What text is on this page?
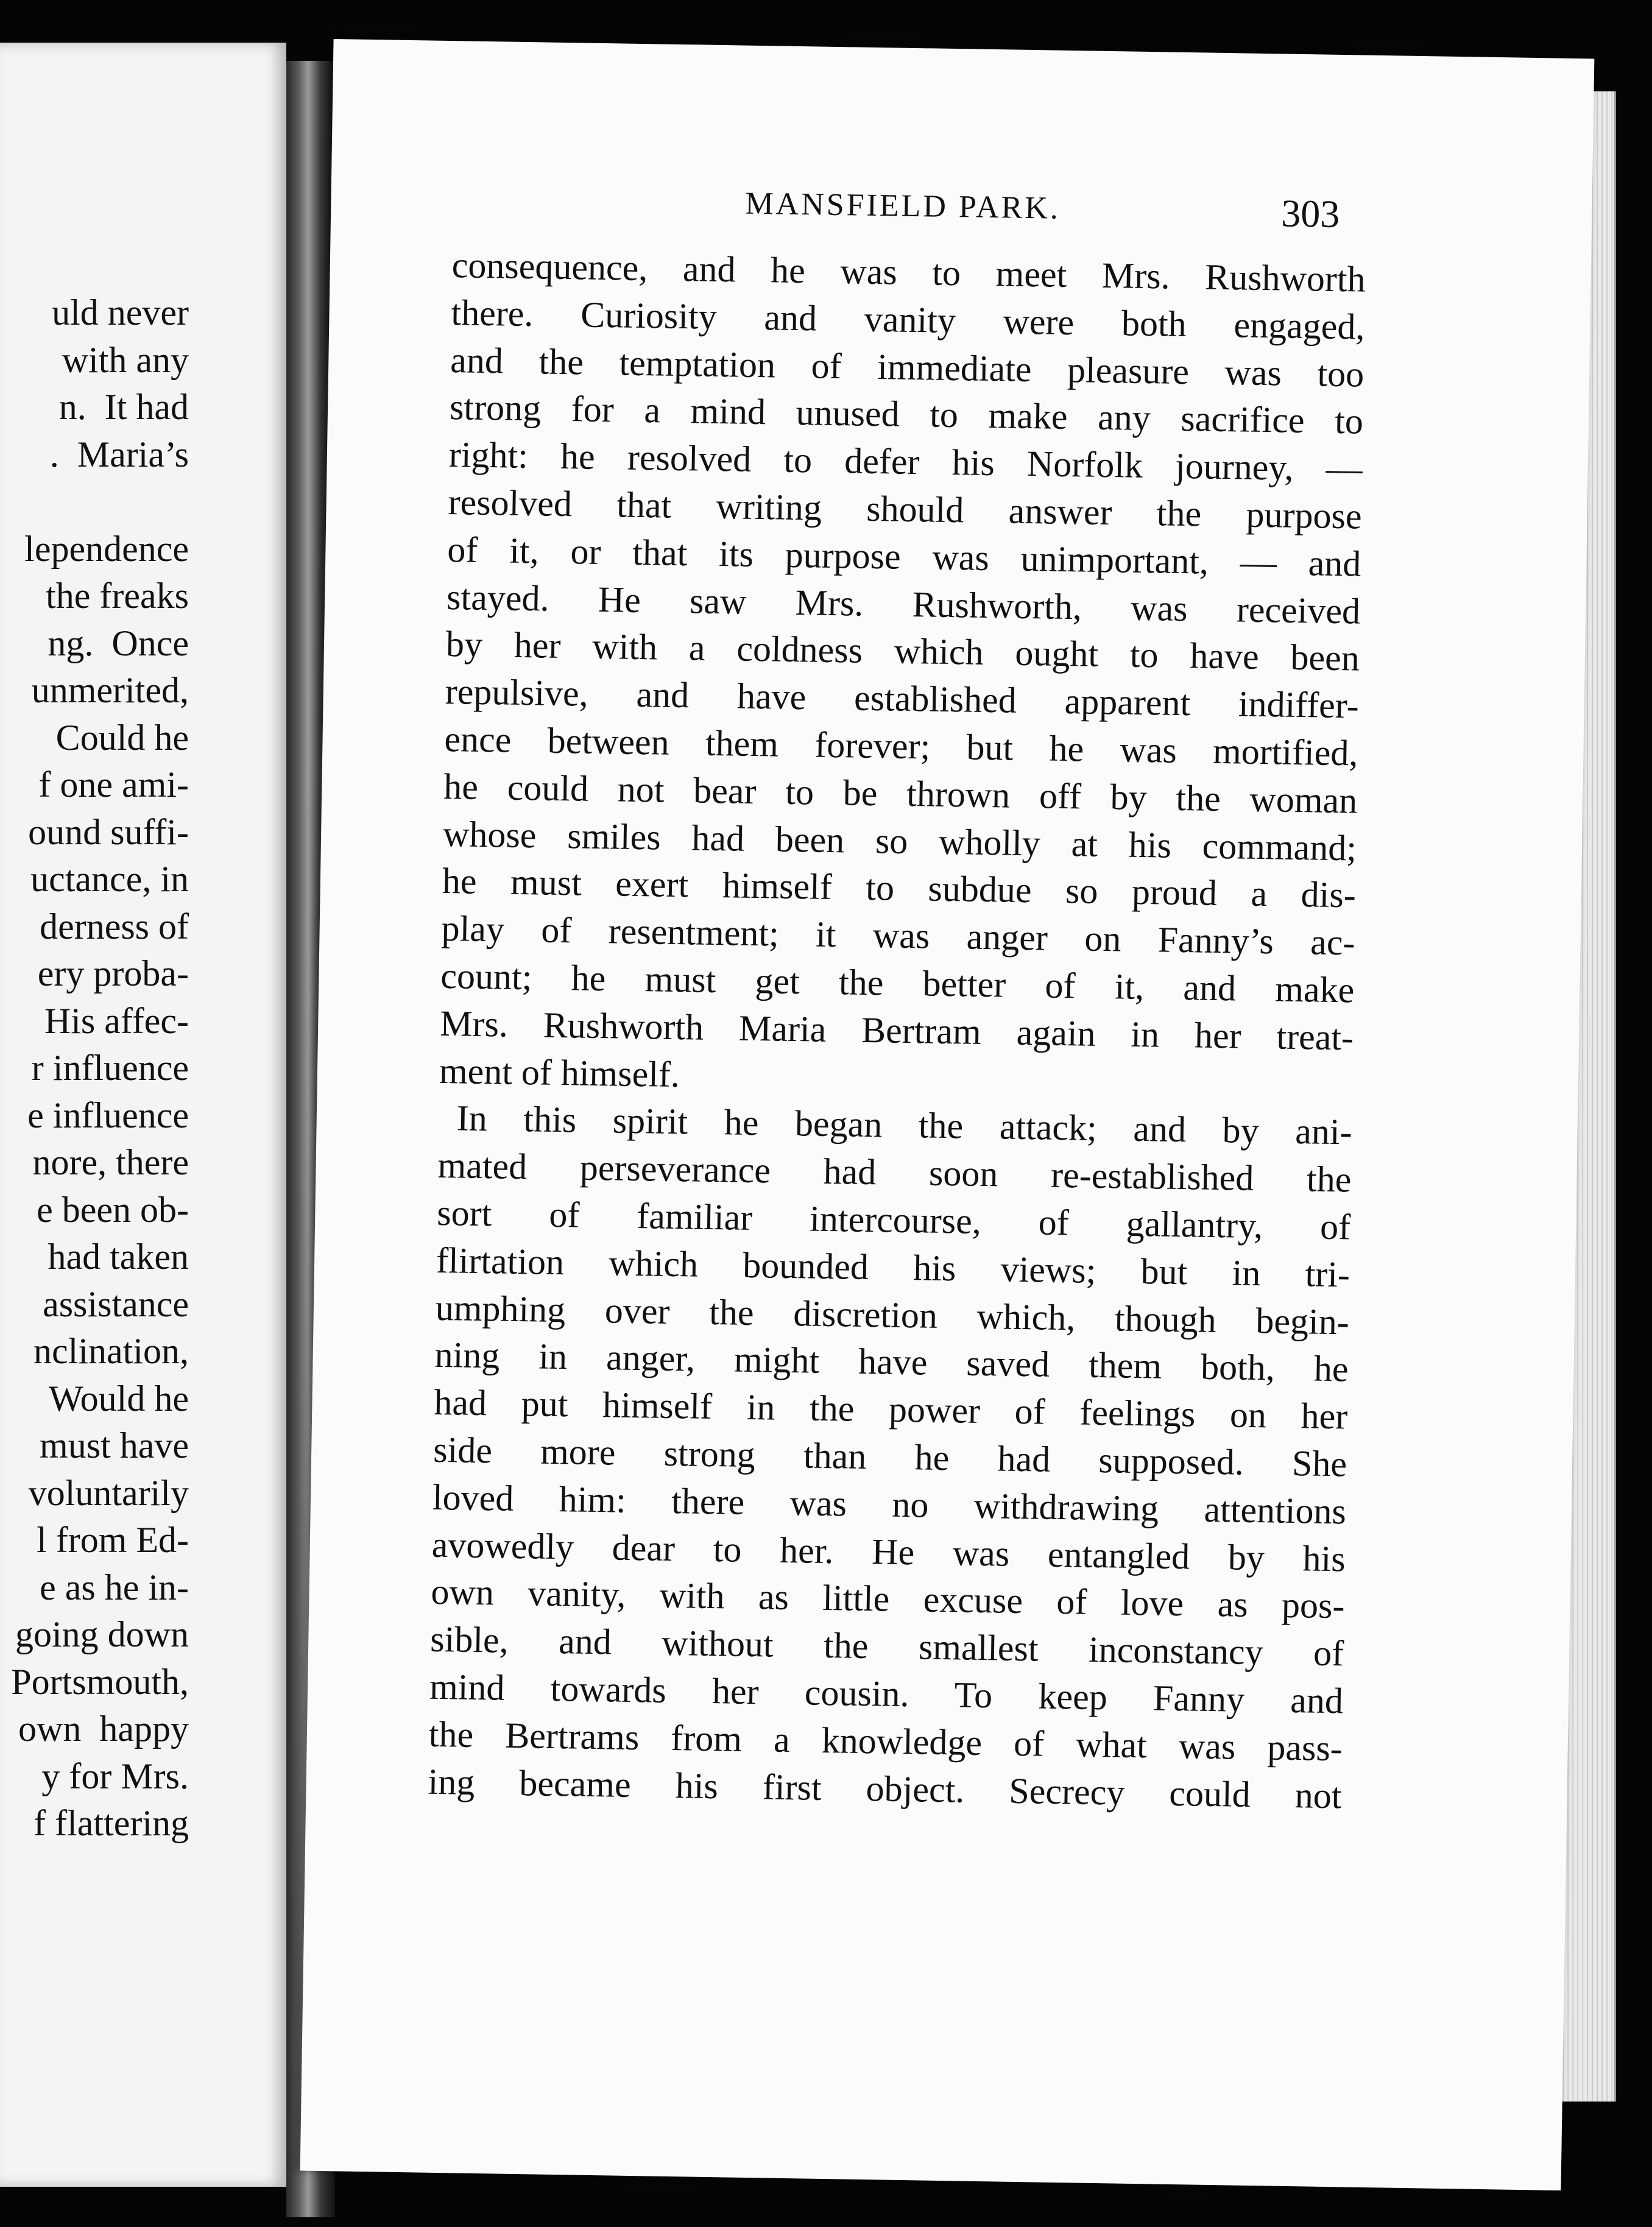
uld never
with any
n.  It had
.  Maria’s
lependence
the freaks
ng.  Once
unmerited,
Could he
f one ami-
ound suffi-
uctance, in
derness of
ery proba-
His affec-
r influence
e influence
nore, there
e been ob-
had taken
assistance
nclination,
Would he
must have
voluntarily
l from Ed-
e as he in-
going down
Portsmouth,
own  happy
y for Mrs.
f flattering
MANSFIELD PARK.	303
consequence, and he was to meet Mrs. Rushworth
there. Curiosity and vanity were both engaged,
and the temptation of immediate pleasure was too
strong for a mind unused to make any sacrifice to
right: he resolved to defer his Norfolk journey, —
resolved that writing should answer the purpose
of it, or that its purpose was unimportant, — and
stayed. He saw Mrs. Rushworth, was received
by her with a coldness which ought to have been
repulsive, and have established apparent indiffer-
ence between them forever; but he was mortified,
he could not bear to be thrown off by the woman
whose smiles had been so wholly at his command;
he must exert himself to subdue so proud a dis-
play of resentment; it was anger on Fanny’s ac-
count; he must get the better of it, and make
Mrs. Rushworth Maria Bertram again in her treat-
ment of himself.
In this spirit he began the attack; and by ani-
mated perseverance had soon re-established the
sort of familiar intercourse, of gallantry, of
flirtation which bounded his views; but in tri-
umphing over the discretion which, though begin-
ning in anger, might have saved them both, he
had put himself in the power of feelings on her
side more strong than he had supposed. She
loved him: there was no withdrawing attentions
avowedly dear to her. He was entangled by his
own vanity, with as little excuse of love as pos-
sible, and without the smallest inconstancy of
mind towards her cousin. To keep Fanny and
the Bertrams from a knowledge of what was pass-
ing became his first object. Secrecy could not
